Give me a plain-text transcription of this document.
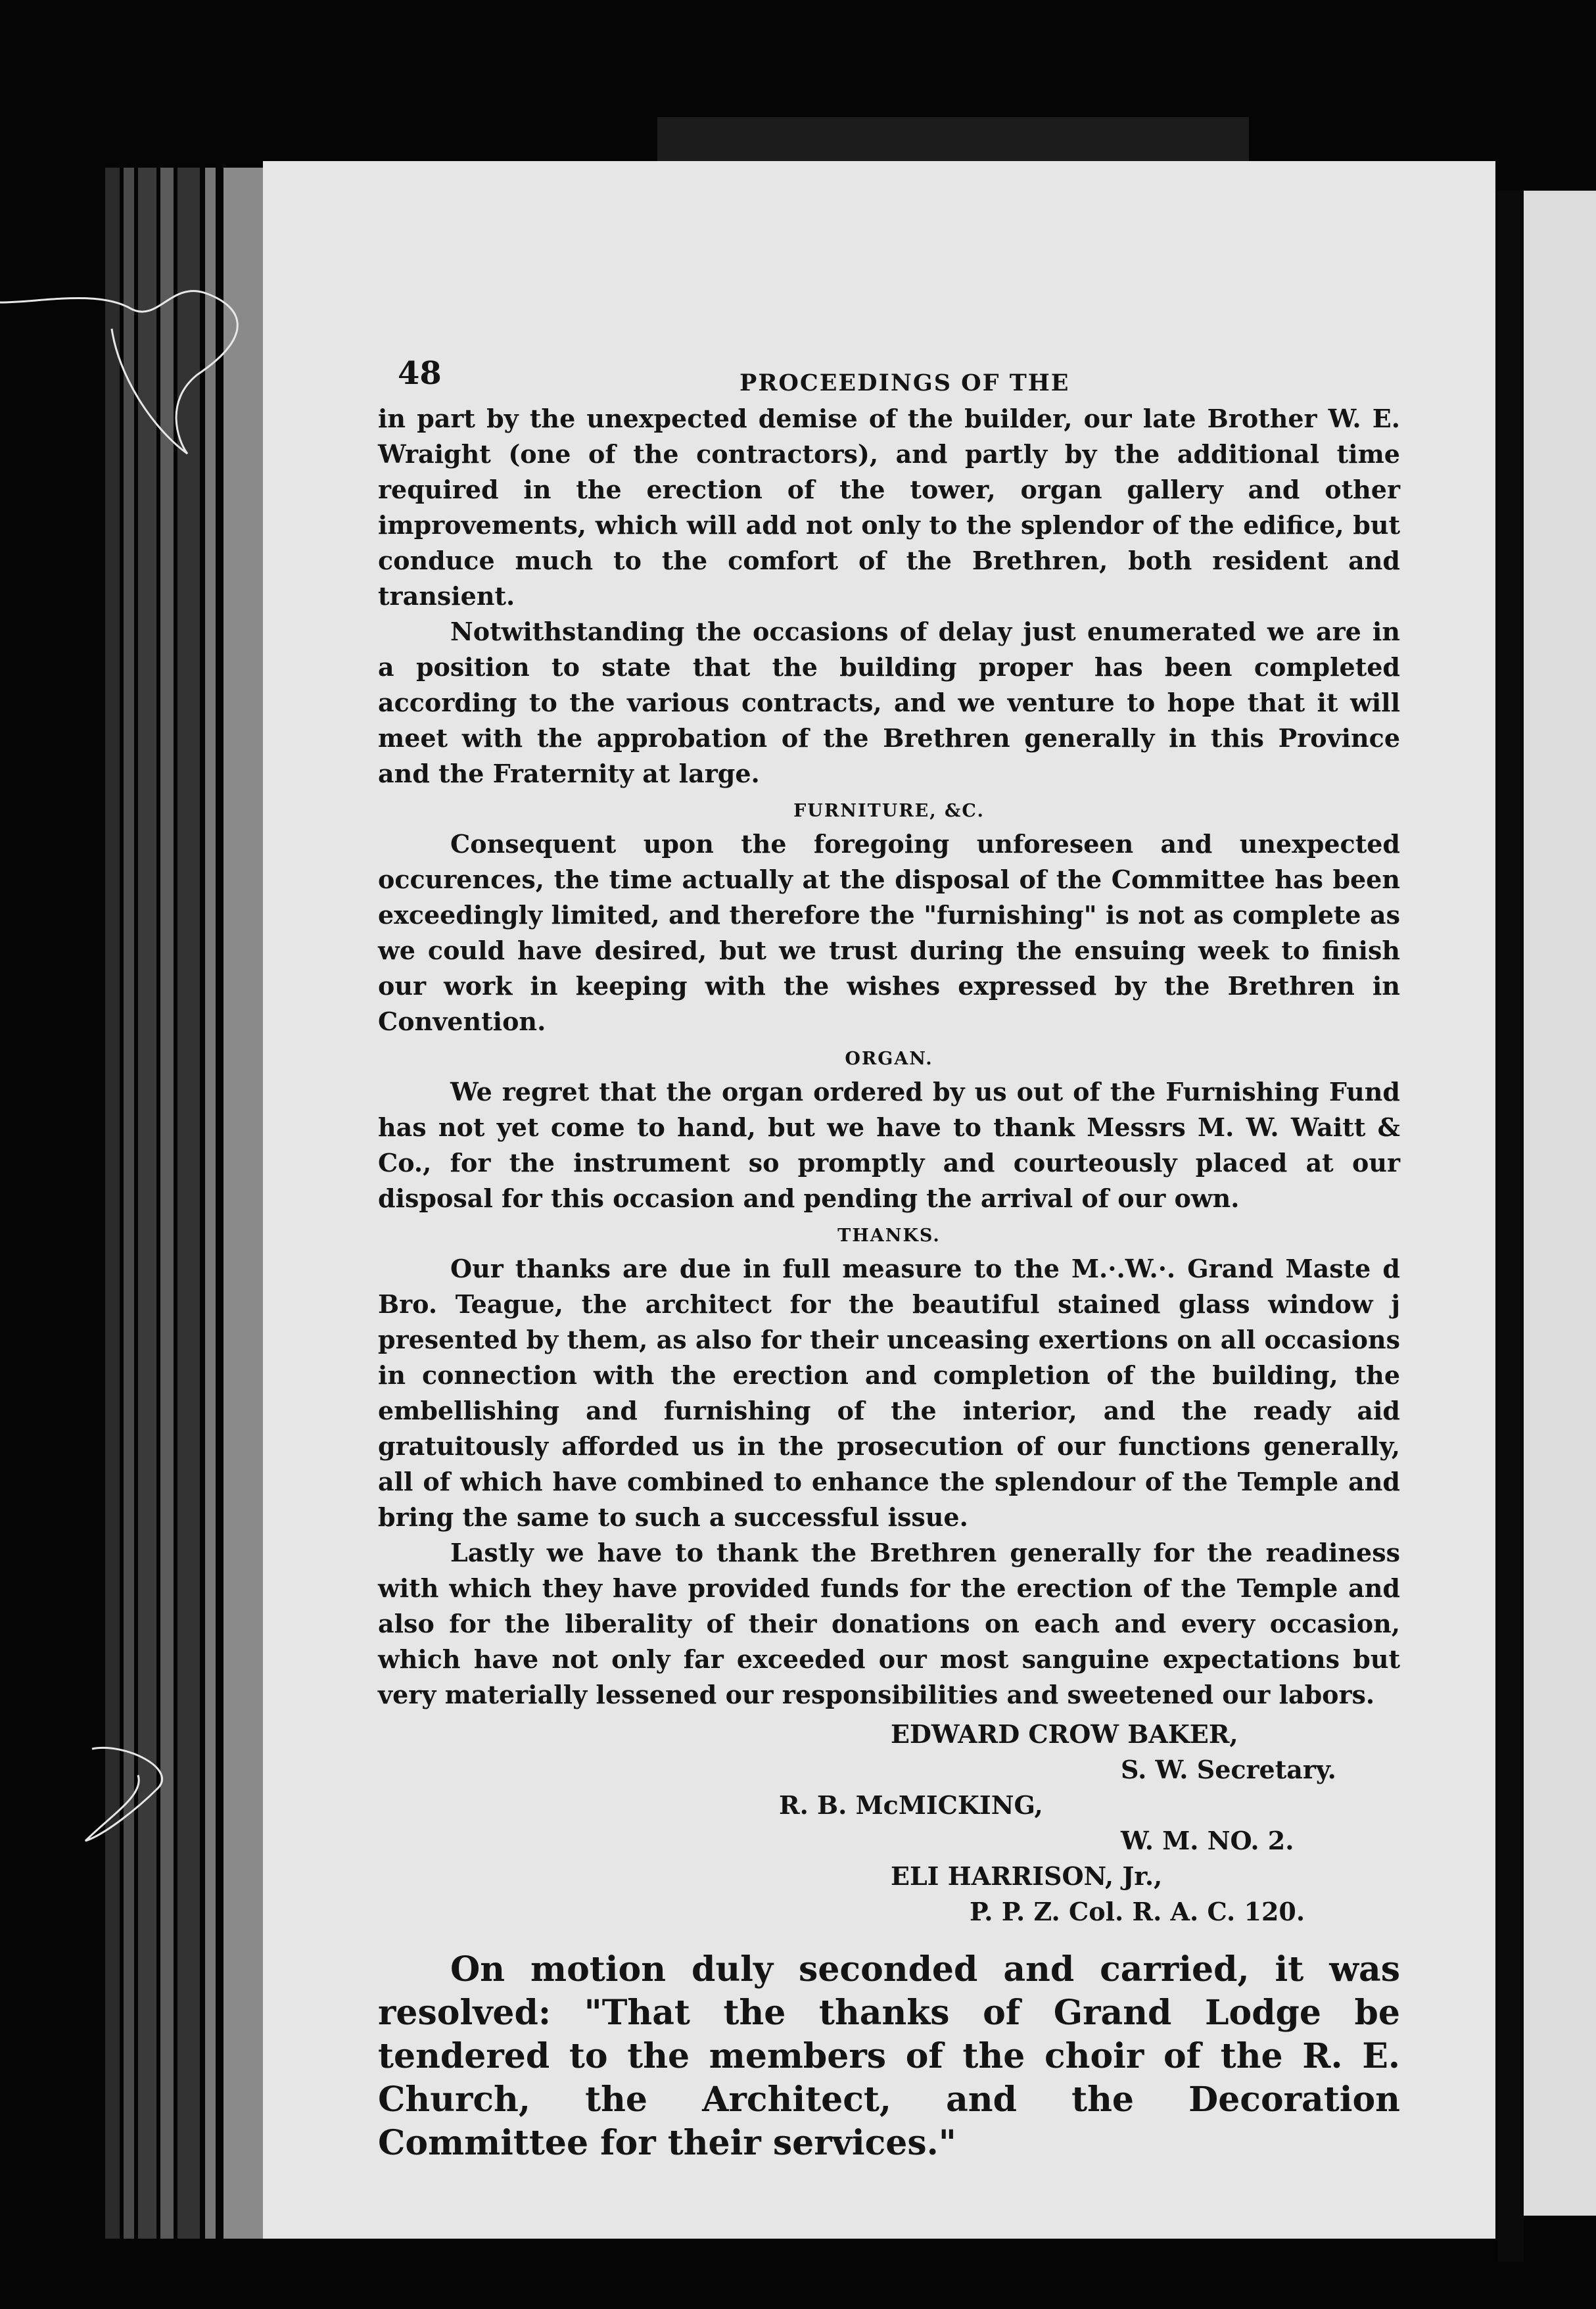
48	PROCEEDINGS OF THE

in part by the unexpected demise of the builder, our late Brother W. E. Wraight (one of the contractors), and partly by the additional time required in the erection of the tower, organ gallery and other improvements, which will add not only to the splendor of the edifice, but conduce much to the comfort of the Brethren, both resident and transient.

Notwithstanding the occasions of delay just enumerated we are in a position to state that the building proper has been completed according to the various contracts, and we venture to hope that it will meet with the approbation of the Brethren generally in this Province and the Fraternity at large.

FURNITURE, &C.

Consequent upon the foregoing unforeseen and unexpected occurences, the time actually at the disposal of the Committee has been exceedingly limited, and therefore the "furnishing" is not as complete as we could have desired, but we trust during the ensuing week to finish our work in keeping with the wishes expressed by the Brethren in Convention.

ORGAN.

We regret that the organ ordered by us out of the Furnishing Fund has not yet come to hand, but we have to thank Messrs M. W. Waitt & Co., for the instrument so promptly and courteously placed at our disposal for this occasion and pending the arrival of our own.

THANKS.

Our thanks are due in full measure to the M.·.W.·. Grand Maste d Bro. Teague, the architect for the beautiful stained glass window j presented by them, as also for their unceasing exertions on all occasions in connection with the erection and completion of the building, the embellishing and furnishing of the interior, and the ready aid gratuitously afforded us in the prosecution of our functions generally, all of which have combined to enhance the splendour of the Temple and bring the same to such a successful issue.

Lastly we have to thank the Brethren generally for the readiness with which they have provided funds for the erection of the Temple and also for the liberality of their donations on each and every occasion, which have not only far exceeded our most sanguine expectations but very materially lessened our responsibilities and sweetened our labors.

EDWARD CROW BAKER,
S. W. Secretary.
R. B. McMICKING,
W. M. NO. 2.
ELI HARRISON, Jr.,
P. P. Z. Col. R. A. C. 120.

On motion duly seconded and carried, it was resolved: "That the thanks of Grand Lodge be tendered to the members of the choir of the R. E. Church, the Architect, and the Decoration Committee for their services."
